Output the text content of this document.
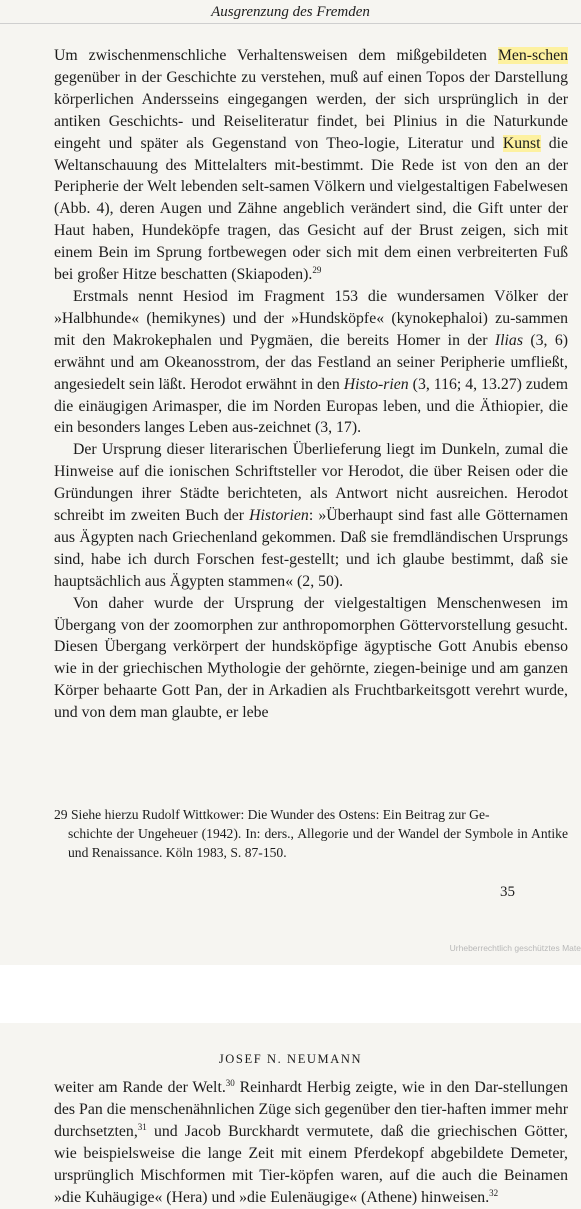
Ausgrenzung des Fremden

Um zwischenmenschliche Verhaltensweisen dem mißgebildeten Men-schen gegenüber in der Geschichte zu verstehen, muß auf einen Topos der Darstellung körperlichen Andersseins eingegangen werden, der sich ursprünglich in der antiken Geschichts- und Reiseliteratur findet, bei Plinius in die Naturkunde eingeht und später als Gegenstand von Theo-logie, Literatur und Kunst die Weltanschauung des Mittelalters mit-bestimmt. Die Rede ist von den an der Peripherie der Welt lebenden selt-samen Völkern und vielgestaltigen Fabelwesen (Abb. 4), deren Augen und Zähne angeblich verändert sind, die Gift unter der Haut haben, Hundeköpfe tragen, das Gesicht auf der Brust zeigen, sich mit einem Bein im Sprung fortbewegen oder sich mit dem einen verbreiterten Fuß bei großer Hitze beschatten (Skiapoden).$^{29}$

Erstmals nennt Hesiod im Fragment 153 die wundersamen Völker der »Halbhunde« (hemikynes) und der »Hundsköpfe« (kynokephaloi) zu-sammen mit den Makrokephalen und Pygmäen, die bereits Homer in der Ilias (3, 6) erwähnt und am Okeanosstrom, der das Festland an seiner Peripherie umfließt, angesiedelt sein läßt. Herodot erwähnt in den Histo-rien (3, 116; 4, 13.27) zudem die einäugigen Arimasper, die im Norden Europas leben, und die Äthiopier, die ein besonders langes Leben aus-zeichnet (3, 17).

Der Ursprung dieser literarischen Überlieferung liegt im Dunkeln, zumal die Hinweise auf die ionischen Schriftsteller vor Herodot, die über Reisen oder die Gründungen ihrer Städte berichteten, als Antwort nicht ausreichen. Herodot schreibt im zweiten Buch der Historien: »Überhaupt sind fast alle Götternamen aus Ägypten nach Griechenland gekommen. Daß sie fremdländischen Ursprungs sind, habe ich durch Forschen fest-gestellt; und ich glaube bestimmt, daß sie hauptsächlich aus Ägypten stammen« (2, 50).

Von daher wurde der Ursprung der vielgestaltigen Menschenwesen im Übergang von der zoomorphen zur anthropomorphen Göttervorstellung gesucht. Diesen Übergang verkörpert der hundsköpfige ägyptische Gott Anubis ebenso wie in der griechischen Mythologie der gehörnte, ziegen-beinige und am ganzen Körper behaarte Gott Pan, der in Arkadien als Fruchtbarkeitsgott verehrt wurde, und von dem man glaubte, er lebe

29 Siehe hierzu Rudolf Wittkower: Die Wunder des Ostens: Ein Beitrag zur Ge-
schichte der Ungeheuer (1942). In: ders., Allegorie und der Wandel der Symbole in Antike und Renaissance. Köln 1983, S. 87-150.
35
Urheberrechtlich geschütztes Mate
JOSEF N. NEUMANN

weiter am Rande der Welt.$^{30}$ Reinhardt Herbig zeigte, wie in den Dar-stellungen des Pan die menschenähnlichen Züge sich gegenüber den tier-haften immer mehr durchsetzten,$^{31}$ und Jacob Burckhardt vermutete, daß die griechischen Götter, wie beispielsweise die lange Zeit mit einem Pferdekopf abgebildete Demeter, ursprünglich Mischformen mit Tier-köpfen waren, auf die auch die Beinamen »die Kuhäugige« (Hera) und »die Eulenäugige« (Athene) hinweisen.$^{32}$
